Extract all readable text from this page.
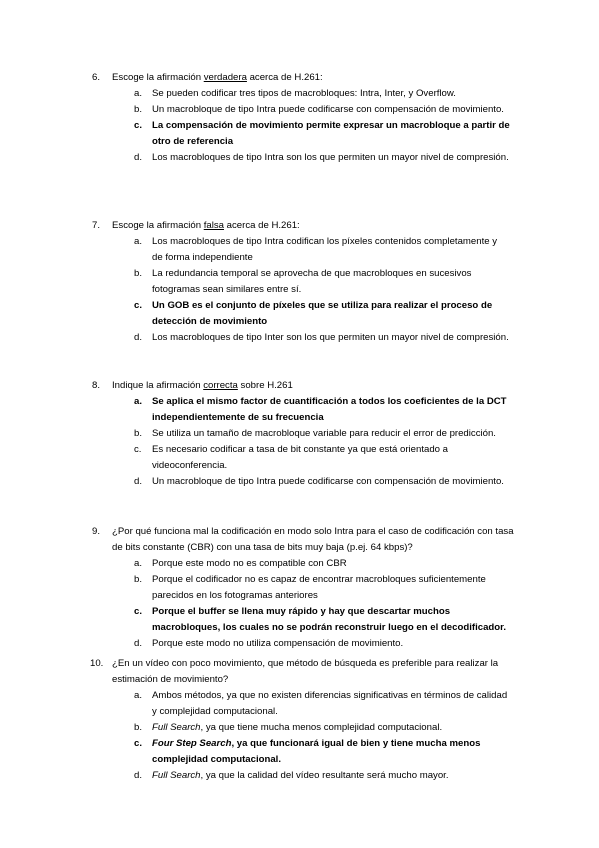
6. Escoge la afirmación verdadera acerca de H.261:
a. Se pueden codificar tres tipos de macrobloques: Intra, Inter, y Overflow.
b. Un macrobloque de tipo Intra puede codificarse con compensación de movimiento.
c. La compensación de movimiento permite expresar un macrobloque a partir de otro de referencia
d. Los macrobloques de tipo Intra son los que permiten un mayor nivel de compresión.
7. Escoge la afirmación falsa acerca de H.261:
a. Los macrobloques de tipo Intra codifican los píxeles contenidos completamente y de forma independiente
b. La redundancia temporal se aprovecha de que macrobloques en sucesivos fotogramas sean similares entre sí.
c. Un GOB es el conjunto de píxeles que se utiliza para realizar el proceso de detección de movimiento
d. Los macrobloques de tipo Inter son los que permiten un mayor nivel de compresión.
8. Indique la afirmación correcta sobre H.261
a. Se aplica el mismo factor de cuantificación a todos los coeficientes de la DCT independientemente de su frecuencia
b. Se utiliza un tamaño de macrobloque variable para reducir el error de predicción.
c. Es necesario codificar a tasa de bit constante ya que está orientado a videoconferencia.
d. Un macrobloque de tipo Intra puede codificarse con compensación de movimiento.
9. ¿Por qué funciona mal la codificación en modo solo Intra para el caso de codificación con tasa de bits constante (CBR) con una tasa de bits muy baja (p.ej. 64 kbps)?
a. Porque este modo no es compatible con CBR
b. Porque el codificador no es capaz de encontrar macrobloques suficientemente parecidos en los fotogramas anteriores
c. Porque el buffer se llena muy rápido y hay que descartar muchos macrobloques, los cuales no se podrán reconstruir luego en el decodificador.
d. Porque este modo no utiliza compensación de movimiento.
10. ¿En un vídeo con poco movimiento, que método de búsqueda es preferible para realizar la estimación de movimiento?
a. Ambos métodos, ya que no existen diferencias significativas en términos de calidad y complejidad computacional.
b. Full Search, ya que tiene mucha menos complejidad computacional.
c. Four Step Search, ya que funcionará igual de bien y tiene mucha menos complejidad computacional.
d. Full Search, ya que la calidad del vídeo resultante será mucho mayor.
